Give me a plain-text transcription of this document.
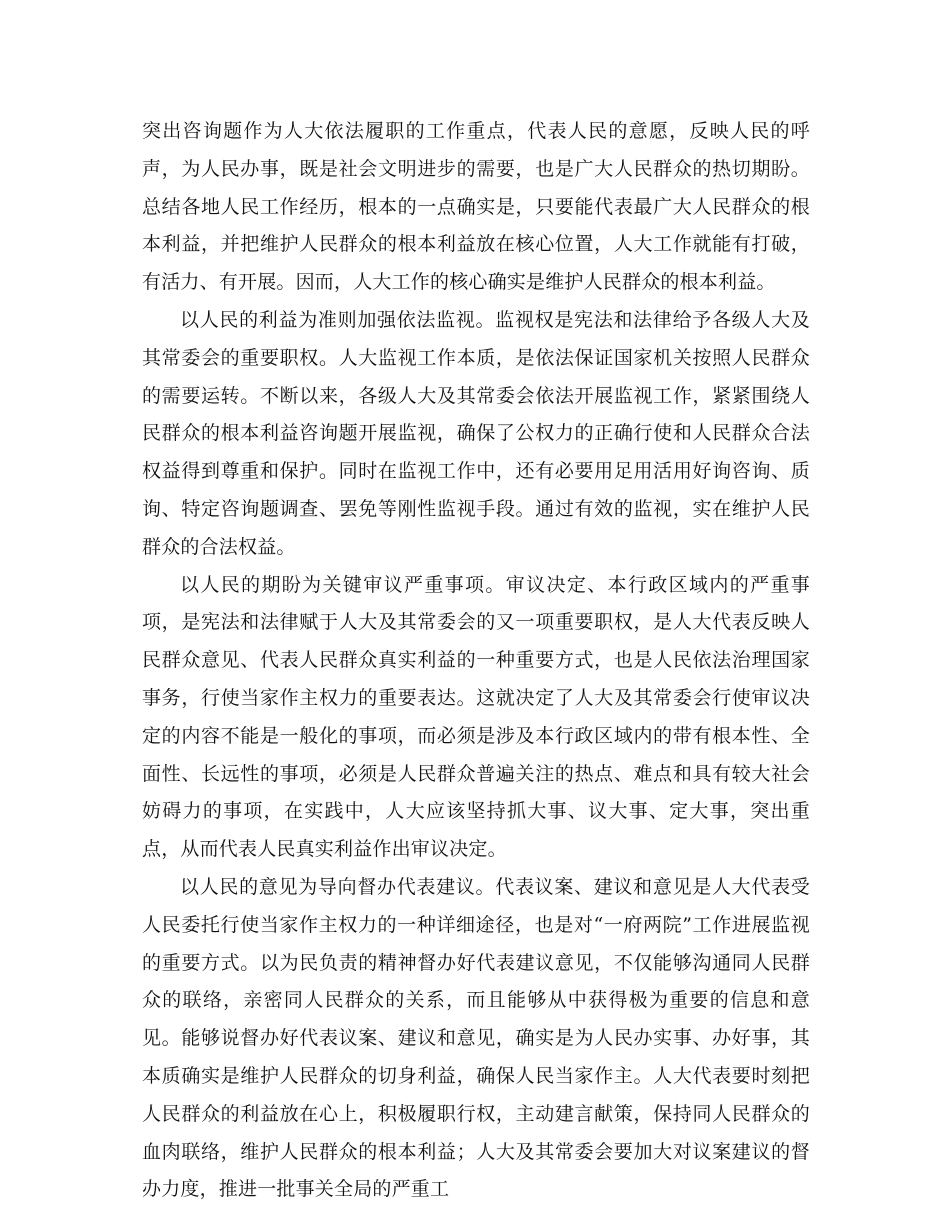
突出咨询题作为人大依法履职的工作重点，代表人民的意愿，反映人民的呼声，为人民办事，既是社会文明进步的需要，也是广大人民群众的热切期盼。总结各地人民工作经历，根本的一点确实是，只要能代表最广大人民群众的根本利益，并把维护人民群众的根本利益放在核心位置，人大工作就能有打破，有活力、有开展。因而，人大工作的核心确实是维护人民群众的根本利益。

以人民的利益为准则加强依法监视。监视权是宪法和法律给予各级人大及其常委会的重要职权。人大监视工作本质，是依法保证国家机关按照人民群众的需要运转。不断以来，各级人大及其常委会依法开展监视工作，紧紧围绕人民群众的根本利益咨询题开展监视，确保了公权力的正确行使和人民群众合法权益得到尊重和保护。同时在监视工作中，还有必要用足用活用好询咨询、质询、特定咨询题调查、罢免等刚性监视手段。通过有效的监视，实在维护人民群众的合法权益。

以人民的期盼为关键审议严重事项。审议决定、本行政区域内的严重事项，是宪法和法律赋于人大及其常委会的又一项重要职权，是人大代表反映人民群众意见、代表人民群众真实利益的一种重要方式，也是人民依法治理国家事务，行使当家作主权力的重要表达。这就决定了人大及其常委会行使审议决定的内容不能是一般化的事项，而必须是涉及本行政区域内的带有根本性、全面性、长远性的事项，必须是人民群众普遍关注的热点、难点和具有较大社会妨碍力的事项，在实践中，人大应该坚持抓大事、议大事、定大事，突出重点，从而代表人民真实利益作出审议决定。

以人民的意见为导向督办代表建议。代表议案、建议和意见是人大代表受人民委托行使当家作主权力的一种详细途径，也是对“一府两院”工作进展监视的重要方式。以为民负责的精神督办好代表建议意见，不仅能够沟通同人民群众的联络，亲密同人民群众的关系，而且能够从中获得极为重要的信息和意见。能够说督办好代表议案、建议和意见，确实是为人民办实事、办好事，其本质确实是维护人民群众的切身利益，确保人民当家作主。人大代表要时刻把人民群众的利益放在心上，积极履职行权，主动建言献策，保持同人民群众的血肉联络，维护人民群众的根本利益；人大及其常委会要加大对议案建议的督办力度，推进一批事关全局的严重工
